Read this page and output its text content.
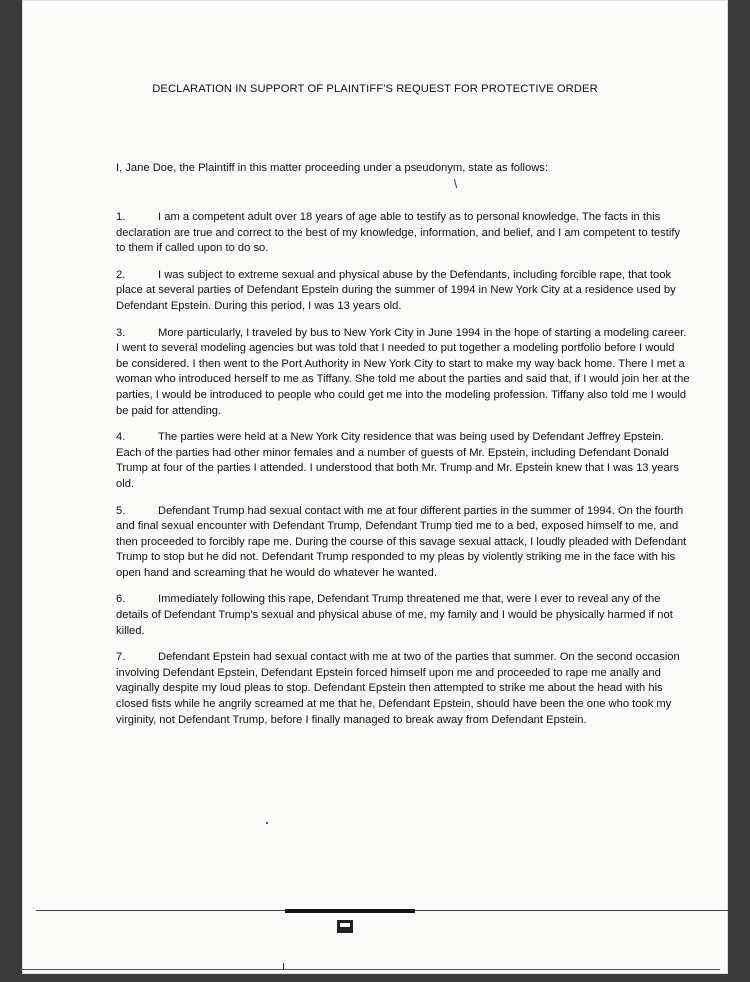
DECLARATION IN SUPPORT OF PLAINTIFF'S REQUEST FOR PROTECTIVE ORDER
I, Jane Doe, the Plaintiff in this matter proceeding under a pseudonym, state as follows:

1.	I am a competent adult over 18 years of age able to testify as to personal knowledge. The facts in this declaration are true and correct to the best of my knowledge, information, and belief, and I am competent to testify to them if called upon to do so.

2.	I was subject to extreme sexual and physical abuse by the Defendants, including forcible rape, that took place at several parties of Defendant Epstein during the summer of 1994 in New York City at a residence used by Defendant Epstein. During this period, I was 13 years old.

3.	More particularly, I traveled by bus to New York City in June 1994 in the hope of starting a modeling career. I went to several modeling agencies but was told that I needed to put together a modeling portfolio before I would be considered. I then went to the Port Authority in New York City to start to make my way back home. There I met a woman who introduced herself to me as Tiffany. She told me about the parties and said that, if I would join her at the parties, I would be introduced to people who could get me into the modeling profession. Tiffany also told me I would be paid for attending.

4.	The parties were held at a New York City residence that was being used by Defendant Jeffrey Epstein. Each of the parties had other minor females and a number of guests of Mr. Epstein, including Defendant Donald Trump at four of the parties I attended. I understood that both Mr. Trump and Mr. Epstein knew that I was 13 years old.

5.	Defendant Trump had sexual contact with me at four different parties in the summer of 1994. On the fourth and final sexual encounter with Defendant Trump, Defendant Trump tied me to a bed, exposed himself to me, and then proceeded to forcibly rape me. During the course of this savage sexual attack, I loudly pleaded with Defendant Trump to stop but he did not. Defendant Trump responded to my pleas by violently striking me in the face with his open hand and screaming that he would do whatever he wanted.

6.	Immediately following this rape, Defendant Trump threatened me that, were I ever to reveal any of the details of Defendant Trump's sexual and physical abuse of me, my family and I would be physically harmed if not killed.

7.	Defendant Epstein had sexual contact with me at two of the parties that summer. On the second occasion involving Defendant Epstein, Defendant Epstein forced himself upon me and proceeded to rape me anally and vaginally despite my loud pleas to stop. Defendant Epstein then attempted to strike me about the head with his closed fists while he angrily screamed at me that he, Defendant Epstein, should have been the one who took my virginity, not Defendant Trump, before I finally managed to break away from Defendant Epstein.
